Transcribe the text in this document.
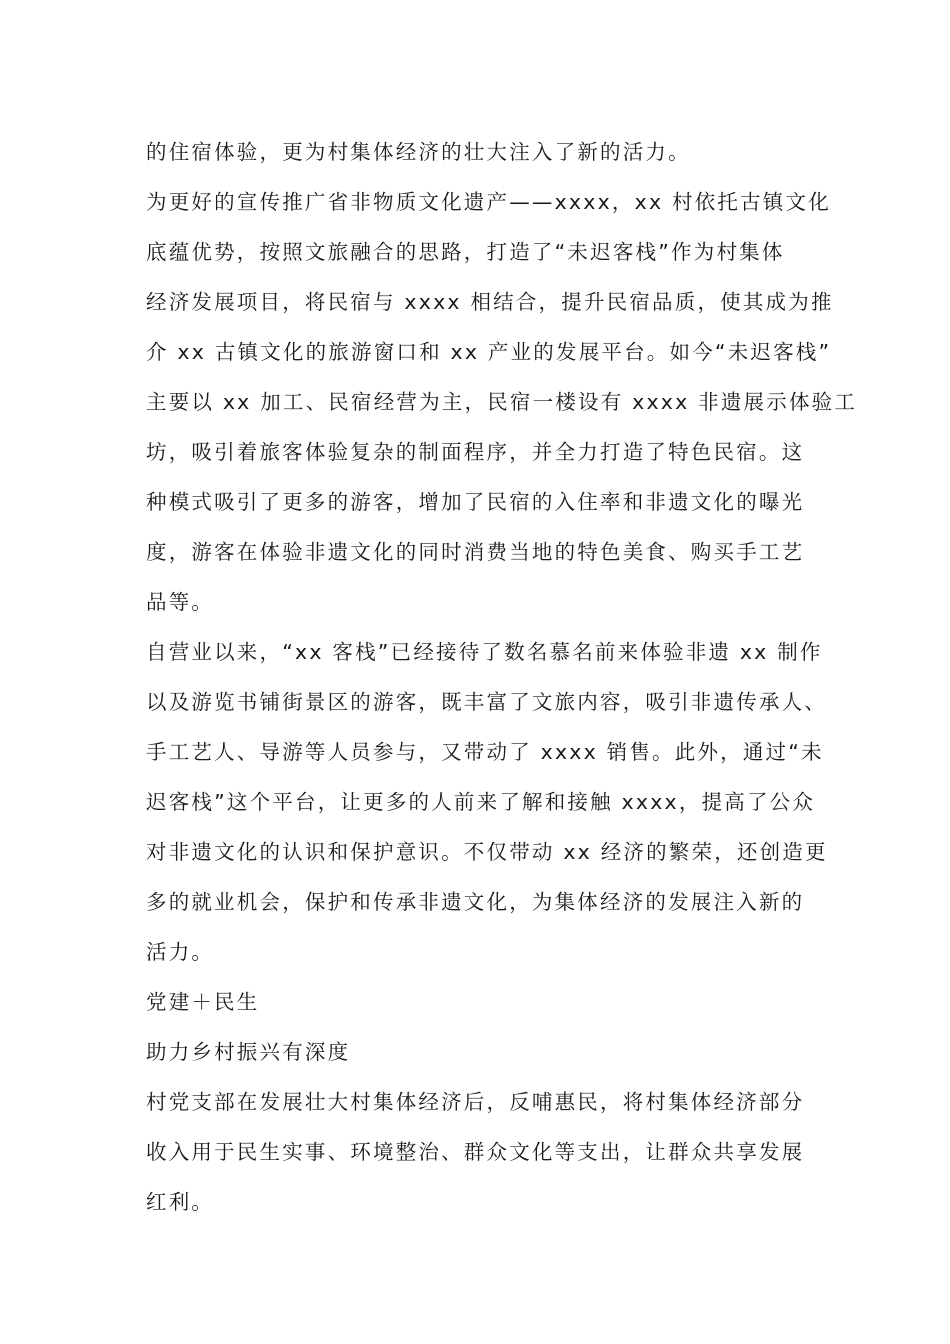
的住宿体验，更为村集体经济的壮大注入了新的活力。
为更好的宣传推广省非物质文化遗产——xxxx，xx 村依托古镇文化
底蕴优势，按照文旅融合的思路，打造了“未迟客栈”作为村集体
经济发展项目，将民宿与 xxxx 相结合，提升民宿品质，使其成为推
介 xx 古镇文化的旅游窗口和 xx 产业的发展平台。如今“未迟客栈”
主要以 xx 加工、民宿经营为主，民宿一楼设有 xxxx 非遗展示体验工
坊，吸引着旅客体验复杂的制面程序，并全力打造了特色民宿。这
种模式吸引了更多的游客，增加了民宿的入住率和非遗文化的曝光
度，游客在体验非遗文化的同时消费当地的特色美食、购买手工艺
品等。
自营业以来，“xx 客栈”已经接待了数名慕名前来体验非遗 xx 制作
以及游览书铺街景区的游客，既丰富了文旅内容，吸引非遗传承人、
手工艺人、导游等人员参与，又带动了 xxxx 销售。此外，通过“未
迟客栈”这个平台，让更多的人前来了解和接触 xxxx，提高了公众
对非遗文化的认识和保护意识。不仅带动 xx 经济的繁荣，还创造更
多的就业机会，保护和传承非遗文化，为集体经济的发展注入新的
活力。
党建＋民生
助力乡村振兴有深度
村党支部在发展壮大村集体经济后，反哺惠民，将村集体经济部分
收入用于民生实事、环境整治、群众文化等支出，让群众共享发展
红利。
